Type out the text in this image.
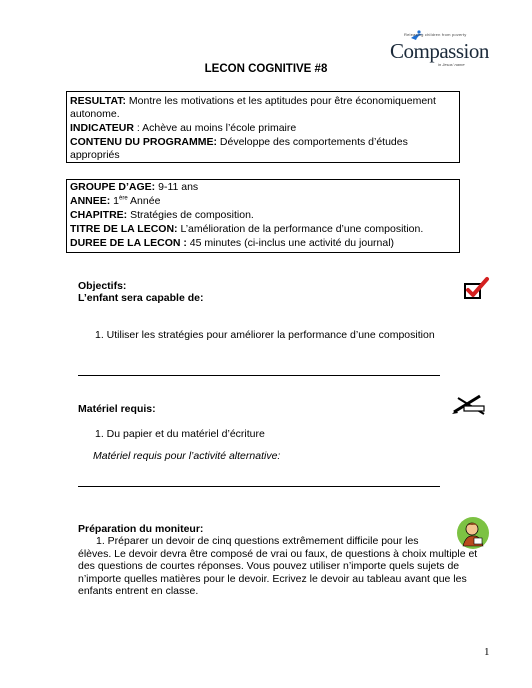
Releasing children from poverty
Compassion
in Jesus' name
LECON COGNITIVE #8
RESULTAT: Montre les motivations et les aptitudes pour être économiquement
autonome.
INDICATEUR : Achève au moins l’école primaire
CONTENU DU PROGRAMME: Développe des comportements d’études
appropriés
GROUPE D’AGE: 9-11 ans
ANNEE: 1ère Année
CHAPITRE: Stratégies de composition.
TITRE DE LA LECON: L’amélioration de la performance d’une composition.
DUREE DE LA LECON : 45 minutes (ci-inclus une activité du journal)
Objectifs:
L’enfant sera capable de:
1. Utiliser les stratégies pour améliorer la performance d’une composition
Matériel requis:
1. Du papier et du matériel d’écriture
Matériel requis pour l’activité alternative:
Préparation du moniteur:
1. Préparer un devoir de cinq questions extrêmement difficile pour les
élèves. Le devoir devra être composé de vrai ou faux, de questions à choix multiple et
des questions de courtes réponses. Vous pouvez utiliser n’importe quels sujets de
n’importe quelles matières pour le devoir. Ecrivez le devoir au tableau avant que les
enfants entrent en classe.
1
